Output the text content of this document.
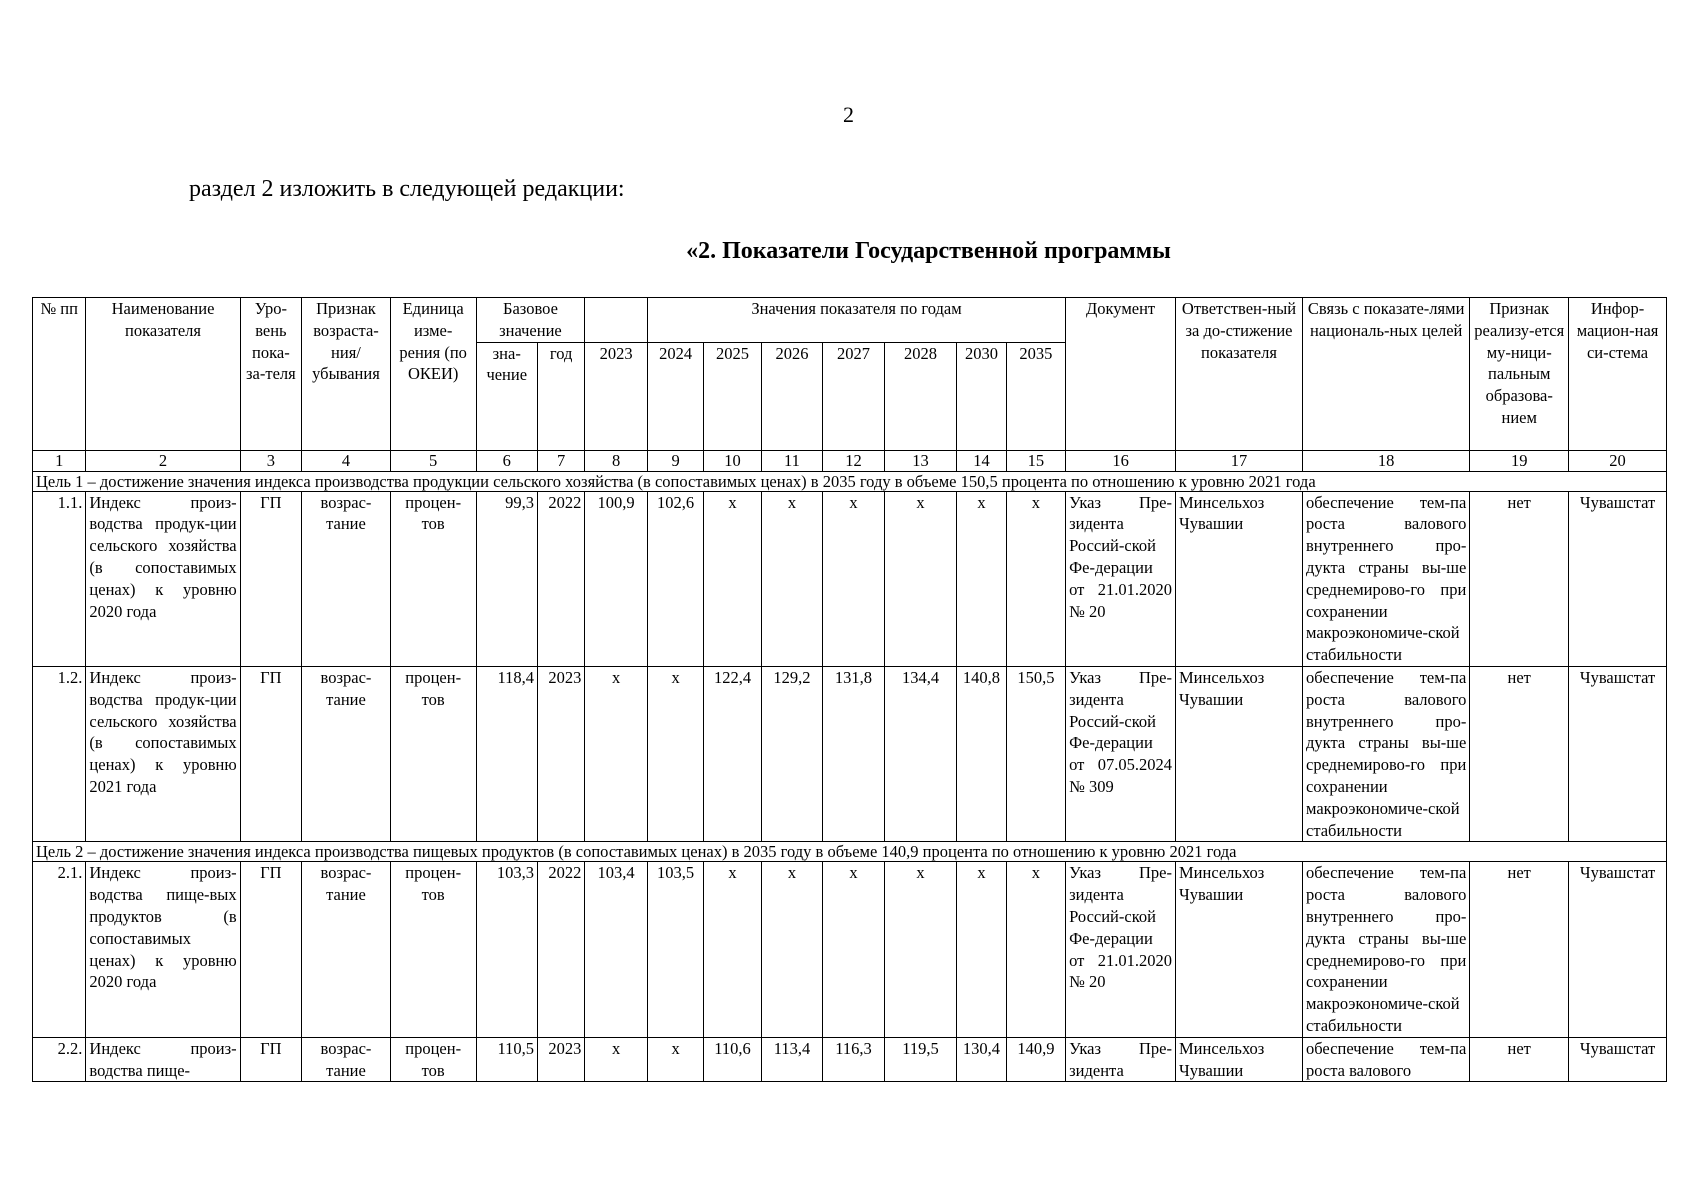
2
раздел 2 изложить в следующей редакции:
«2. Показатели Государственной программы
№ пп	Наименование показателя	Уро-вень пока-за-теля	Признак возраста-ния/ убывания	Единица изме-рения (по ОКЕИ)	Базовое значение			Значения показателя по годам							Документ	Ответствен-ный за до-стижение показателя	Связь с показате-лями националь-ных целей	Признак реализу-ется му-ници-пальным образова-нием	Инфор-мацион-ная си-стема
					зна-чение	год	2023	2024	2025	2026	2027	2028	2030	2035					
1	2	3	4	5	6	7	8	9	10	11	12	13	14	15	16	17	18	19	20
Цель 1 – достижение значения индекса производства продукции сельского хозяйства (в сопоставимых ценах) в 2035 году в объеме 150,5 процента по отношению к уровню 2021 года																			
1.1.	Индекс произ-водства продук-ции сельского хозяйства (в сопоставимых ценах) к уровню 2020 года	ГП	возрас-тание	процен-тов	99,3	2022	100,9	102,6	х	х	х	х	х	х	Указ Пре-зидента Россий-ской Фе-дерации от 21.01.2020 № 20	Минсельхоз Чувашии	обеспечение тем-па роста валового внутреннего про-дукта страны вы-ше среднемирово-го при сохранении макроэкономиче-ской стабильности	нет	Чувашстат
1.2.	Индекс произ-водства продук-ции сельского хозяйства (в сопоставимых ценах) к уровню 2021 года	ГП	возрас-тание	процен-тов	118,4	2023	х	х	122,4	129,2	131,8	134,4	140,8	150,5	Указ Пре-зидента Россий-ской Фе-дерации от 07.05.2024 № 309	Минсельхоз Чувашии	обеспечение тем-па роста валового внутреннего про-дукта страны вы-ше среднемирово-го при сохранении макроэкономиче-ской стабильности	нет	Чувашстат
Цель 2 – достижение значения индекса производства пищевых продуктов (в сопоставимых ценах) в 2035 году в объеме 140,9 процента по отношению к уровню 2021 года																			
2.1.	Индекс произ-водства пище-вых продуктов (в сопоставимых ценах) к уровню 2020 года	ГП	возрас-тание	процен-тов	103,3	2022	103,4	103,5	х	х	х	х	х	х	Указ Пре-зидента Россий-ской Фе-дерации от 21.01.2020 № 20	Минсельхоз Чувашии	обеспечение тем-па роста валового внутреннего про-дукта страны вы-ше среднемирово-го при сохранении макроэкономиче-ской стабильности	нет	Чувашстат
2.2.	Индекс произ-водства пище-	ГП	возрас-тание	процен-тов	110,5	2023	х	х	110,6	113,4	116,3	119,5	130,4	140,9	Указ Пре-зидента	Минсельхоз Чувашии	обеспечение тем-па роста валового	нет	Чувашстат
